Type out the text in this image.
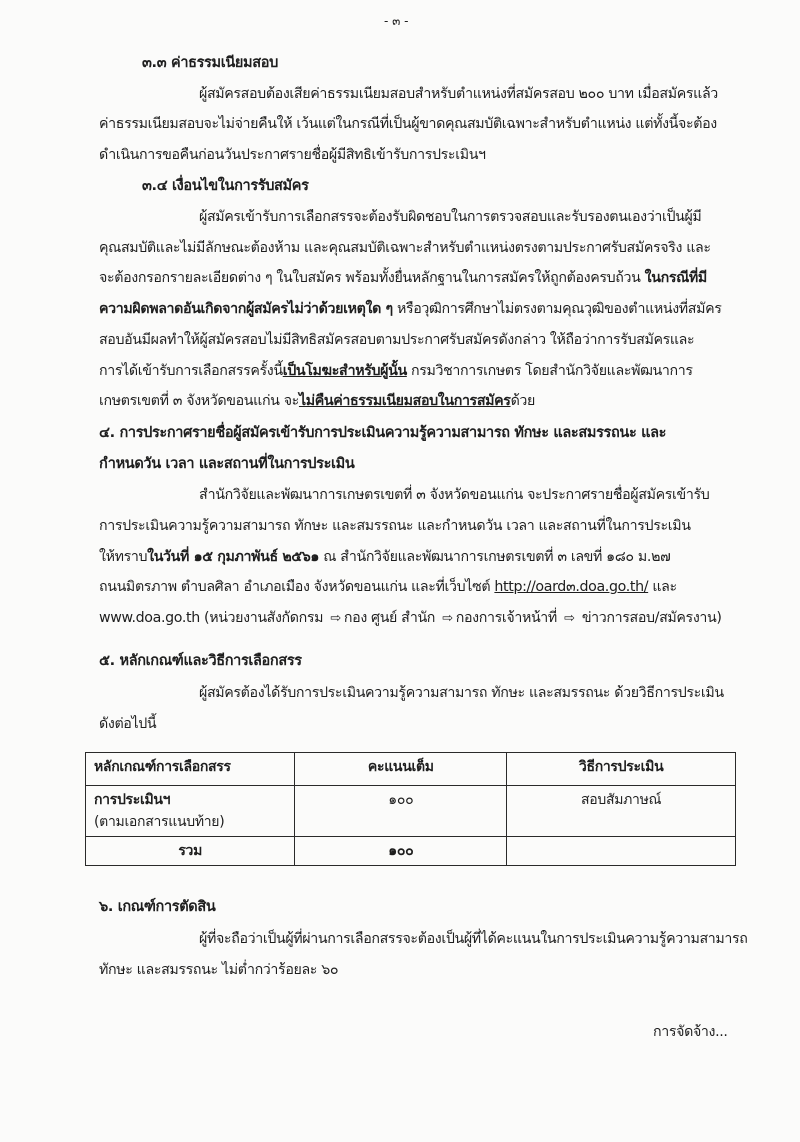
- ๓ -
๓.๓ ค่าธรรมเนียมสอบ
ผู้สมัครสอบต้องเสียค่าธรรมเนียมสอบสำหรับตำแหน่งที่สมัครสอบ ๒๐๐ บาท เมื่อสมัครแล้ว
ค่าธรรมเนียมสอบจะไม่จ่ายคืนให้ เว้นแต่ในกรณีที่เป็นผู้ขาดคุณสมบัติเฉพาะสำหรับตำแหน่ง แต่ทั้งนี้จะต้อง
ดำเนินการขอคืนก่อนวันประกาศรายชื่อผู้มีสิทธิเข้ารับการประเมินฯ
๓.๔ เงื่อนไขในการรับสมัคร
ผู้สมัครเข้ารับการเลือกสรรจะต้องรับผิดชอบในการตรวจสอบและรับรองตนเองว่าเป็นผู้มี
คุณสมบัติและไม่มีลักษณะต้องห้าม และคุณสมบัติเฉพาะสำหรับตำแหน่งตรงตามประกาศรับสมัครจริง และ
จะต้องกรอกรายละเอียดต่าง ๆ ในใบสมัคร พร้อมทั้งยื่นหลักฐานในการสมัครให้ถูกต้องครบถ้วน ในกรณีที่มี
ความผิดพลาดอันเกิดจากผู้สมัครไม่ว่าด้วยเหตุใด ๆ หรือวุฒิการศึกษาไม่ตรงตามคุณวุฒิของตำแหน่งที่สมัคร
สอบอันมีผลทำให้ผู้สมัครสอบไม่มีสิทธิสมัครสอบตามประกาศรับสมัครดังกล่าว ให้ถือว่าการรับสมัครและ
การได้เข้ารับการเลือกสรรครั้งนี้เป็นโมฆะสำหรับผู้นั้น กรมวิชาการเกษตร โดยสำนักวิจัยและพัฒนาการ
เกษตรเขตที่ ๓ จังหวัดขอนแก่น จะไม่คืนค่าธรรมเนียมสอบในการสมัครด้วย
๔. การประกาศรายชื่อผู้สมัครเข้ารับการประเมินความรู้ความสามารถ ทักษะ และสมรรถนะ และ
กำหนดวัน เวลา และสถานที่ในการประเมิน
สำนักวิจัยและพัฒนาการเกษตรเขตที่ ๓ จังหวัดขอนแก่น จะประกาศรายชื่อผู้สมัครเข้ารับ
การประเมินความรู้ความสามารถ ทักษะ และสมรรถนะ และกำหนดวัน เวลา และสถานที่ในการประเมิน
ให้ทราบในวันที่ ๑๕ กุมภาพันธ์ ๒๕๖๑ ณ สำนักวิจัยและพัฒนาการเกษตรเขตที่ ๓ เลขที่ ๑๘๐ ม.๒๗
ถนนมิตรภาพ ตำบลศิลา อำเภอเมือง จังหวัดขอนแก่น และที่เว็บไซต์ http://oard๓.doa.go.th/ และ
www.doa.go.th (หน่วยงานสังกัดกรม ⇨ กอง ศูนย์ สำนัก ⇨ กองการเจ้าหน้าที่ ⇨ ข่าวการสอบ/สมัครงาน)
๕. หลักเกณฑ์และวิธีการเลือกสรร
ผู้สมัครต้องได้รับการประเมินความรู้ความสามารถ ทักษะ และสมรรถนะ ด้วยวิธีการประเมิน
ดังต่อไปนี้
หลักเกณฑ์การเลือกสรร	คะแนนเต็ม	วิธีการประเมิน

การประเมินฯ
(ตามเอกสารแนบท้าย)	๑๐๐	สอบสัมภาษณ์
รวม	๑๐๐	
๖. เกณฑ์การตัดสิน
ผู้ที่จะถือว่าเป็นผู้ที่ผ่านการเลือกสรรจะต้องเป็นผู้ที่ได้คะแนนในการประเมินความรู้ความสามารถ
ทักษะ และสมรรถนะ ไม่ต่ำกว่าร้อยละ ๖๐
การจัดจ้าง...
